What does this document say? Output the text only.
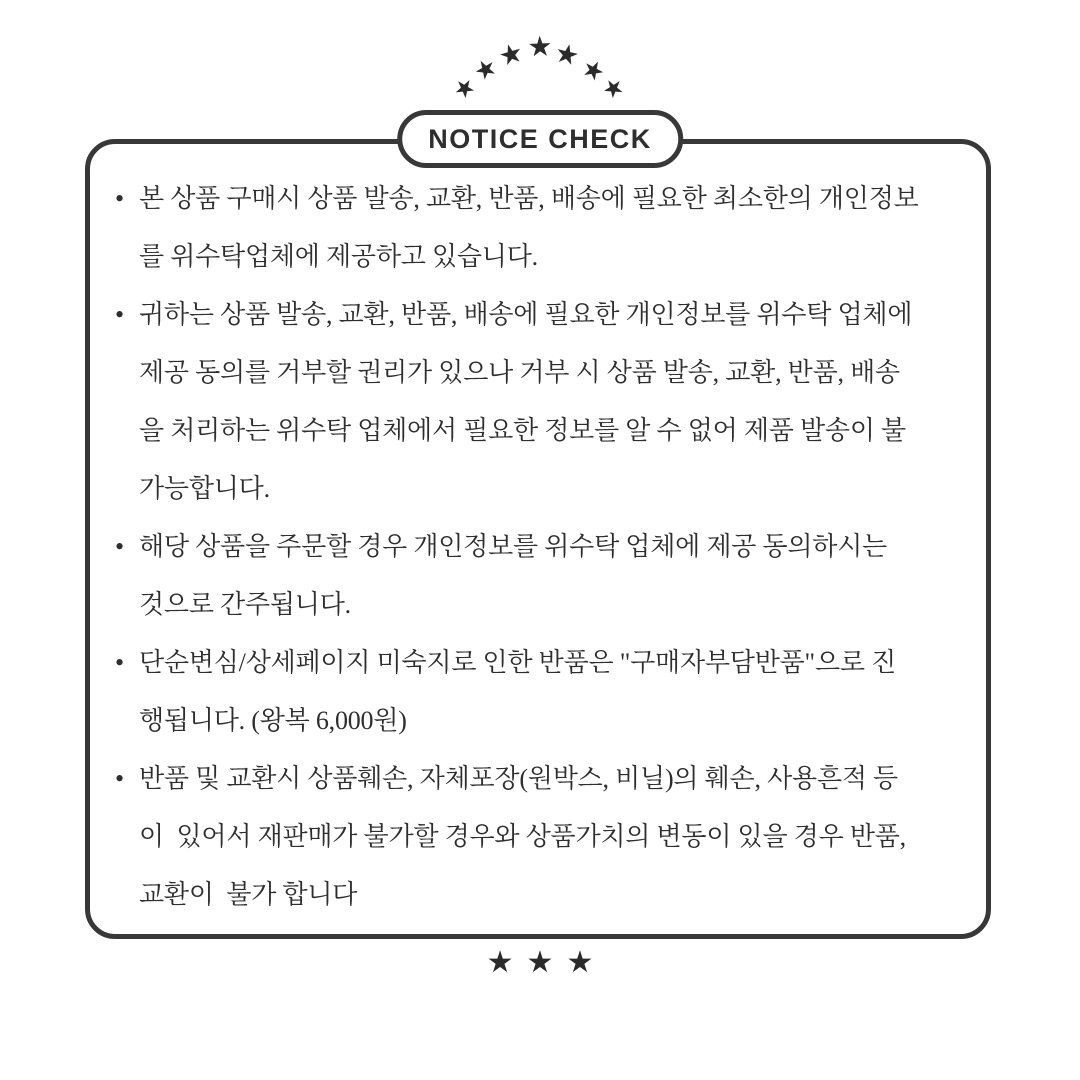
★
★
★ ★
★
★
★
NOTICE CHECK
• 본 상품 구매시 상품 발송, 교환, 반품, 배송에 필요한 최소한의 개인정보
를 위수탁업체에 제공하고 있습니다.
• 귀하는 상품 발송, 교환, 반품, 배송에 필요한 개인정보를 위수탁 업체에
제공 동의를 거부할 권리가 있으나 거부 시 상품 발송, 교환, 반품, 배송
을 처리하는 위수탁 업체에서 필요한 정보를 알 수 없어 제품 발송이 불
가능합니다.
• 해당 상품을 주문할 경우 개인정보를 위수탁 업체에 제공 동의하시는
것으로 간주됩니다.
• 단순변심/상세페이지 미숙지로 인한 반품은 "구매자부담반품"으로 진
행됩니다. (왕복 6,000원)
• 반품 및 교환시 상품훼손, 자체포장(원박스, 비닐)의 훼손, 사용흔적 등
이  있어서 재판매가 불가할 경우와 상품가치의 변동이 있을 경우 반품,
교환이  불가 합니다
★ ★ ★
